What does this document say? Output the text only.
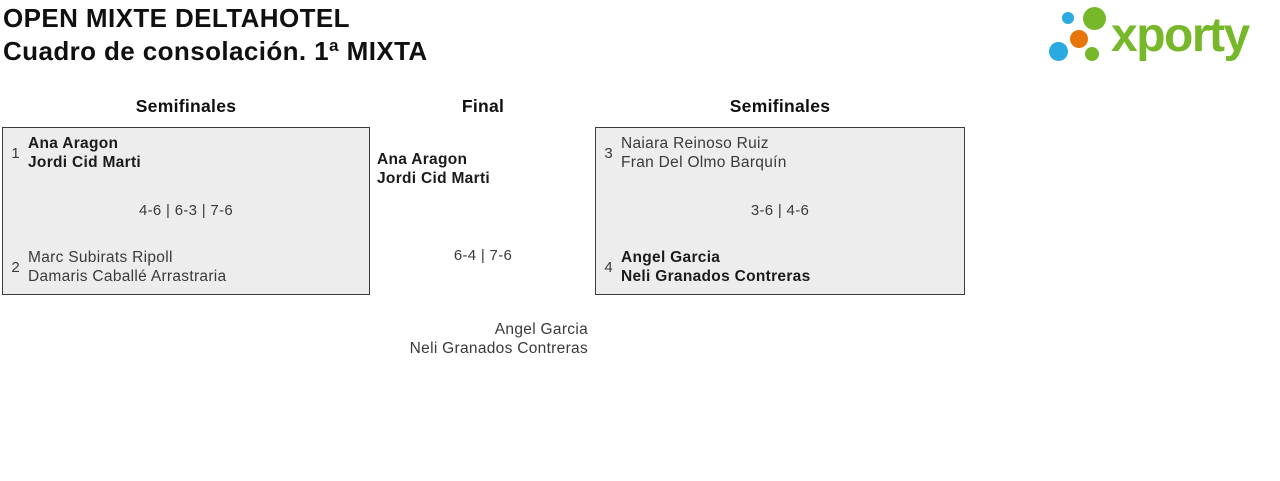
OPEN MIXTE DELTAHOTEL
Cuadro de consolación. 1ª MIXTA	xporty
Semifinales	Final	Semifinales
1
Ana Aragon
Jordi Cid Marti
4-6 | 6-3 | 7-6
2
Marc Subirats Ripoll
Damaris Caballé Arrastraria
3
Naiara Reinoso Ruiz
Fran Del Olmo Barquín
3-6 | 4-6
4
Angel Garcia
Neli Granados Contreras
Ana Aragon
Jordi Cid Marti
6-4 | 7-6
Angel Garcia
Neli Granados Contreras
